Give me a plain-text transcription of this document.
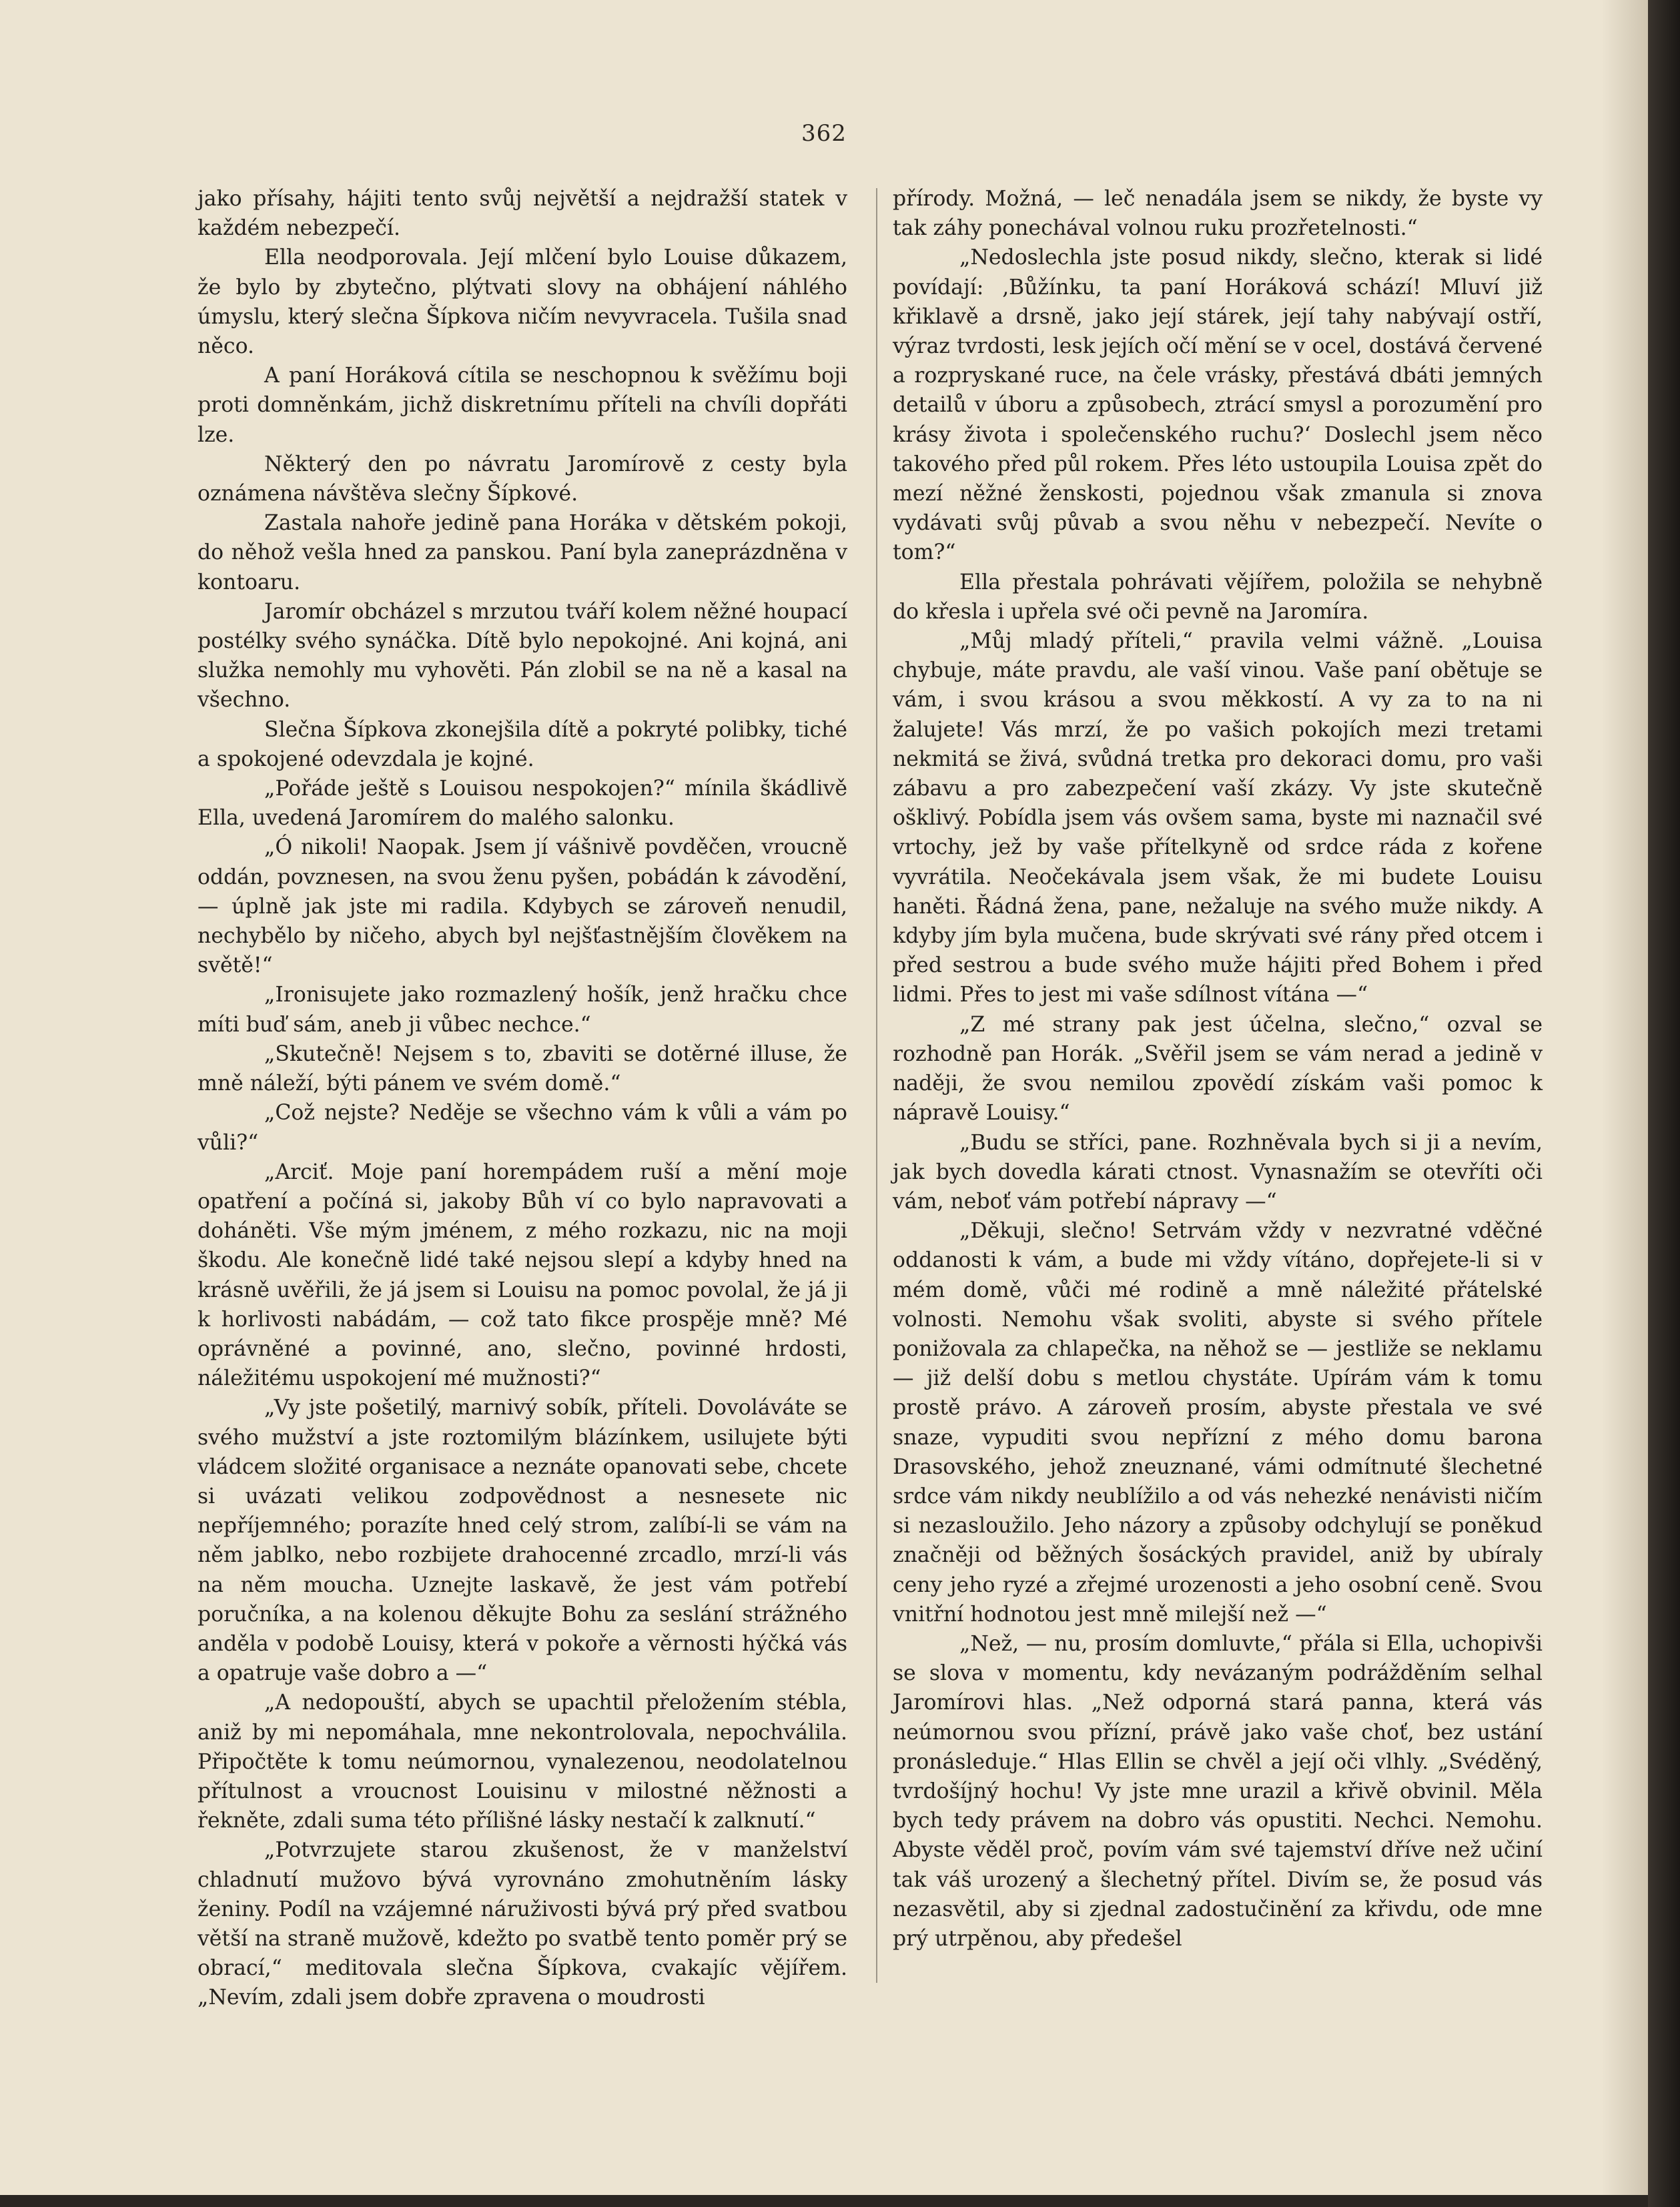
362

jako přísahy, hájiti tento svůj největší a nejdražší statek v každém nebezpečí.

Ella neodporovala. Její mlčení bylo Louise důkazem, že bylo by zbytečno, plýtvati slovy na obhájení náhlého úmyslu, který slečna Šípkova ničím nevyvracela. Tušila snad něco.

A paní Horáková cítila se neschopnou k svěžímu boji proti domněnkám, jichž diskretnímu příteli na chvíli dopřáti lze.

Některý den po návratu Jaromírově z cesty byla oznámena návštěva slečny Šípkové.

Zastala nahoře jedině pana Horáka v dětském pokoji, do něhož vešla hned za panskou. Paní byla zaneprázdněna v kontoaru.

Jaromír obcházel s mrzutou tváří kolem něžné houpací postélky svého synáčka. Dítě bylo nepokojné. Ani kojná, ani služka nemohly mu vyhověti. Pán zlobil se na ně a kasal na všechno.

Slečna Šípkova zkonejšila dítě a pokryté polibky, tiché a spokojené odevzdala je kojné.

„Pořáde ještě s Louisou nespokojen?“ mínila škádlivě Ella, uvedená Jaromírem do malého salonku.

„Ó nikoli! Naopak. Jsem jí vášnivě povděčen, vroucně oddán, povznesen, na svou ženu pyšen, pobádán k závodění, — úplně jak jste mi radila. Kdybych se zároveň nenudil, nechybělo by ničeho, abych byl nejšťastnějším člověkem na světě!“

„Ironisujete jako rozmazlený hošík, jenž hračku chce míti buď sám, aneb ji vůbec nechce.“

„Skutečně! Nejsem s to, zbaviti se dotěrné illuse, že mně náleží, býti pánem ve svém domě.“

„Což nejste? Neděje se všechno vám k vůli a vám po vůli?“

„Arciť. Moje paní horempádem ruší a mění moje opatření a počíná si, jakoby Bůh ví co bylo napravovati a doháněti. Vše mým jménem, z mého rozkazu, nic na moji škodu. Ale konečně lidé také nejsou slepí a kdyby hned na krásně uvěřili, že já jsem si Louisu na pomoc povolal, že já ji k horlivosti nabádám, — což tato fikce prospěje mně? Mé oprávněné a povinné, ano, slečno, povinné hrdosti, náležitému uspokojení mé mužnosti?“

„Vy jste pošetilý, marnivý sobík, příteli. Dovoláváte se svého mužství a jste roztomilým blázínkem, usilujete býti vládcem složité organisace a neznáte opanovati sebe, chcete si uvázati velikou zodpovědnost a nesnesete nic nepříjemného; porazíte hned celý strom, zalíbí-li se vám na něm jablko, nebo rozbijete drahocenné zrcadlo, mrzí-li vás na něm moucha. Uznejte laskavě, že jest vám potřebí poručníka, a na kolenou děkujte Bohu za seslání strážného anděla v podobě Louisy, která v pokoře a věrnosti hýčká vás a opatruje vaše dobro a —“

„A nedopouští, abych se upachtil přeložením stébla, aniž by mi nepomáhala, mne nekontrolovala, nepochválila. Připočtěte k tomu neúmornou, vynalezenou, neodolatelnou přítulnost a vroucnost Louisinu v milostné něžnosti a řekněte, zdali suma této přílišné lásky nestačí k zalknutí.“

„Potvrzujete starou zkušenost, že v manželství chladnutí mužovo bývá vyrovnáno zmohutněním lásky ženiny. Podíl na vzájemné náruživosti bývá prý před svatbou větší na straně mužově, kdežto po svatbě tento poměr prý se obrací,“ meditovala slečna Šípkova, cvakajíc vějířem. „Nevím, zdali jsem dobře zpravena o moudrosti

přírody. Možná, — leč nenadála jsem se nikdy, že byste vy tak záhy ponechával volnou ruku prozřetelnosti.“

„Nedoslechla jste posud nikdy, slečno, kterak si lidé povídají: ‚Bůžínku, ta paní Horáková schází! Mluví již křiklavě a drsně, jako její stárek, její tahy nabývají ostří, výraz tvrdosti, lesk jejích očí mění se v ocel, dostává červené a rozpryskané ruce, na čele vrásky, přestává dbáti jemných detailů v úboru a způsobech, ztrácí smysl a porozumění pro krásy života i společenského ruchu?‘ Doslechl jsem něco takového před půl rokem. Přes léto ustoupila Louisa zpět do mezí něžné ženskosti, pojednou však zmanula si znova vydávati svůj půvab a svou něhu v nebezpečí. Nevíte o tom?“

Ella přestala pohrávati vějířem, položila se nehybně do křesla i upřela své oči pevně na Jaromíra.

„Můj mladý příteli,“ pravila velmi vážně. „Louisa chybuje, máte pravdu, ale vaší vinou. Vaše paní obětuje se vám, i svou krásou a svou měkkostí. A vy za to na ni žalujete! Vás mrzí, že po vašich pokojích mezi tretami nekmitá se živá, svůdná tretka pro dekoraci domu, pro vaši zábavu a pro zabezpečení vaší zkázy. Vy jste skutečně ošklivý. Pobídla jsem vás ovšem sama, byste mi naznačil své vrtochy, jež by vaše přítelkyně od srdce ráda z kořene vyvrátila. Neočekávala jsem však, že mi budete Louisu haněti. Řádná žena, pane, nežaluje na svého muže nikdy. A kdyby jím byla mučena, bude skrývati své rány před otcem i před sestrou a bude svého muže hájiti před Bohem i před lidmi. Přes to jest mi vaše sdílnost vítána —“

„Z mé strany pak jest účelna, slečno,“ ozval se rozhodně pan Horák. „Svěřil jsem se vám nerad a jedině v naději, že svou nemilou zpovědí získám vaši pomoc k nápravě Louisy.“

„Budu se stříci, pane. Rozhněvala bych si ji a nevím, jak bych dovedla kárati ctnost. Vynasnažím se otevříti oči vám, neboť vám potřebí nápravy —“

„Děkuji, slečno! Setrvám vždy v nezvratné vděčné oddanosti k vám, a bude mi vždy vítáno, dopřejete-li si v mém domě, vůči mé rodině a mně náležité přátelské volnosti. Nemohu však svoliti, abyste si svého přítele ponižovala za chlapečka, na něhož se — jestliže se neklamu — již delší dobu s metlou chystáte. Upírám vám k tomu prostě právo. A zároveň prosím, abyste přestala ve své snaze, vypuditi svou nepřízní z mého domu barona Drasovského, jehož zneuznané, vámi odmítnuté šlechetné srdce vám nikdy neublížilo a od vás nehezké nenávisti ničím si nezasloužilo. Jeho názory a způsoby odchylují se poněkud značněji od běžných šosáckých pravidel, aniž by ubíraly ceny jeho ryzé a zřejmé urozenosti a jeho osobní ceně. Svou vnitřní hodnotou jest mně milejší než —“

„Než, — nu, prosím domluvte,“ přála si Ella, uchopivši se slova v momentu, kdy nevázaným podrážděním selhal Jaromírovi hlas. „Než odporná stará panna, která vás neúmornou svou přízní, právě jako vaše choť, bez ustání pronásleduje.“ Hlas Ellin se chvěl a její oči vlhly. „Svéděný, tvrdošíjný hochu! Vy jste mne urazil a křivě obvinil. Měla bych tedy právem na dobro vás opustiti. Nechci. Nemohu. Abyste věděl proč, povím vám své tajemství dříve než učiní tak váš urozený a šlechetný přítel. Divím se, že posud vás nezasvětil, aby si zjednal zadostučinění za křivdu, ode mne prý utrpěnou, aby předešel
